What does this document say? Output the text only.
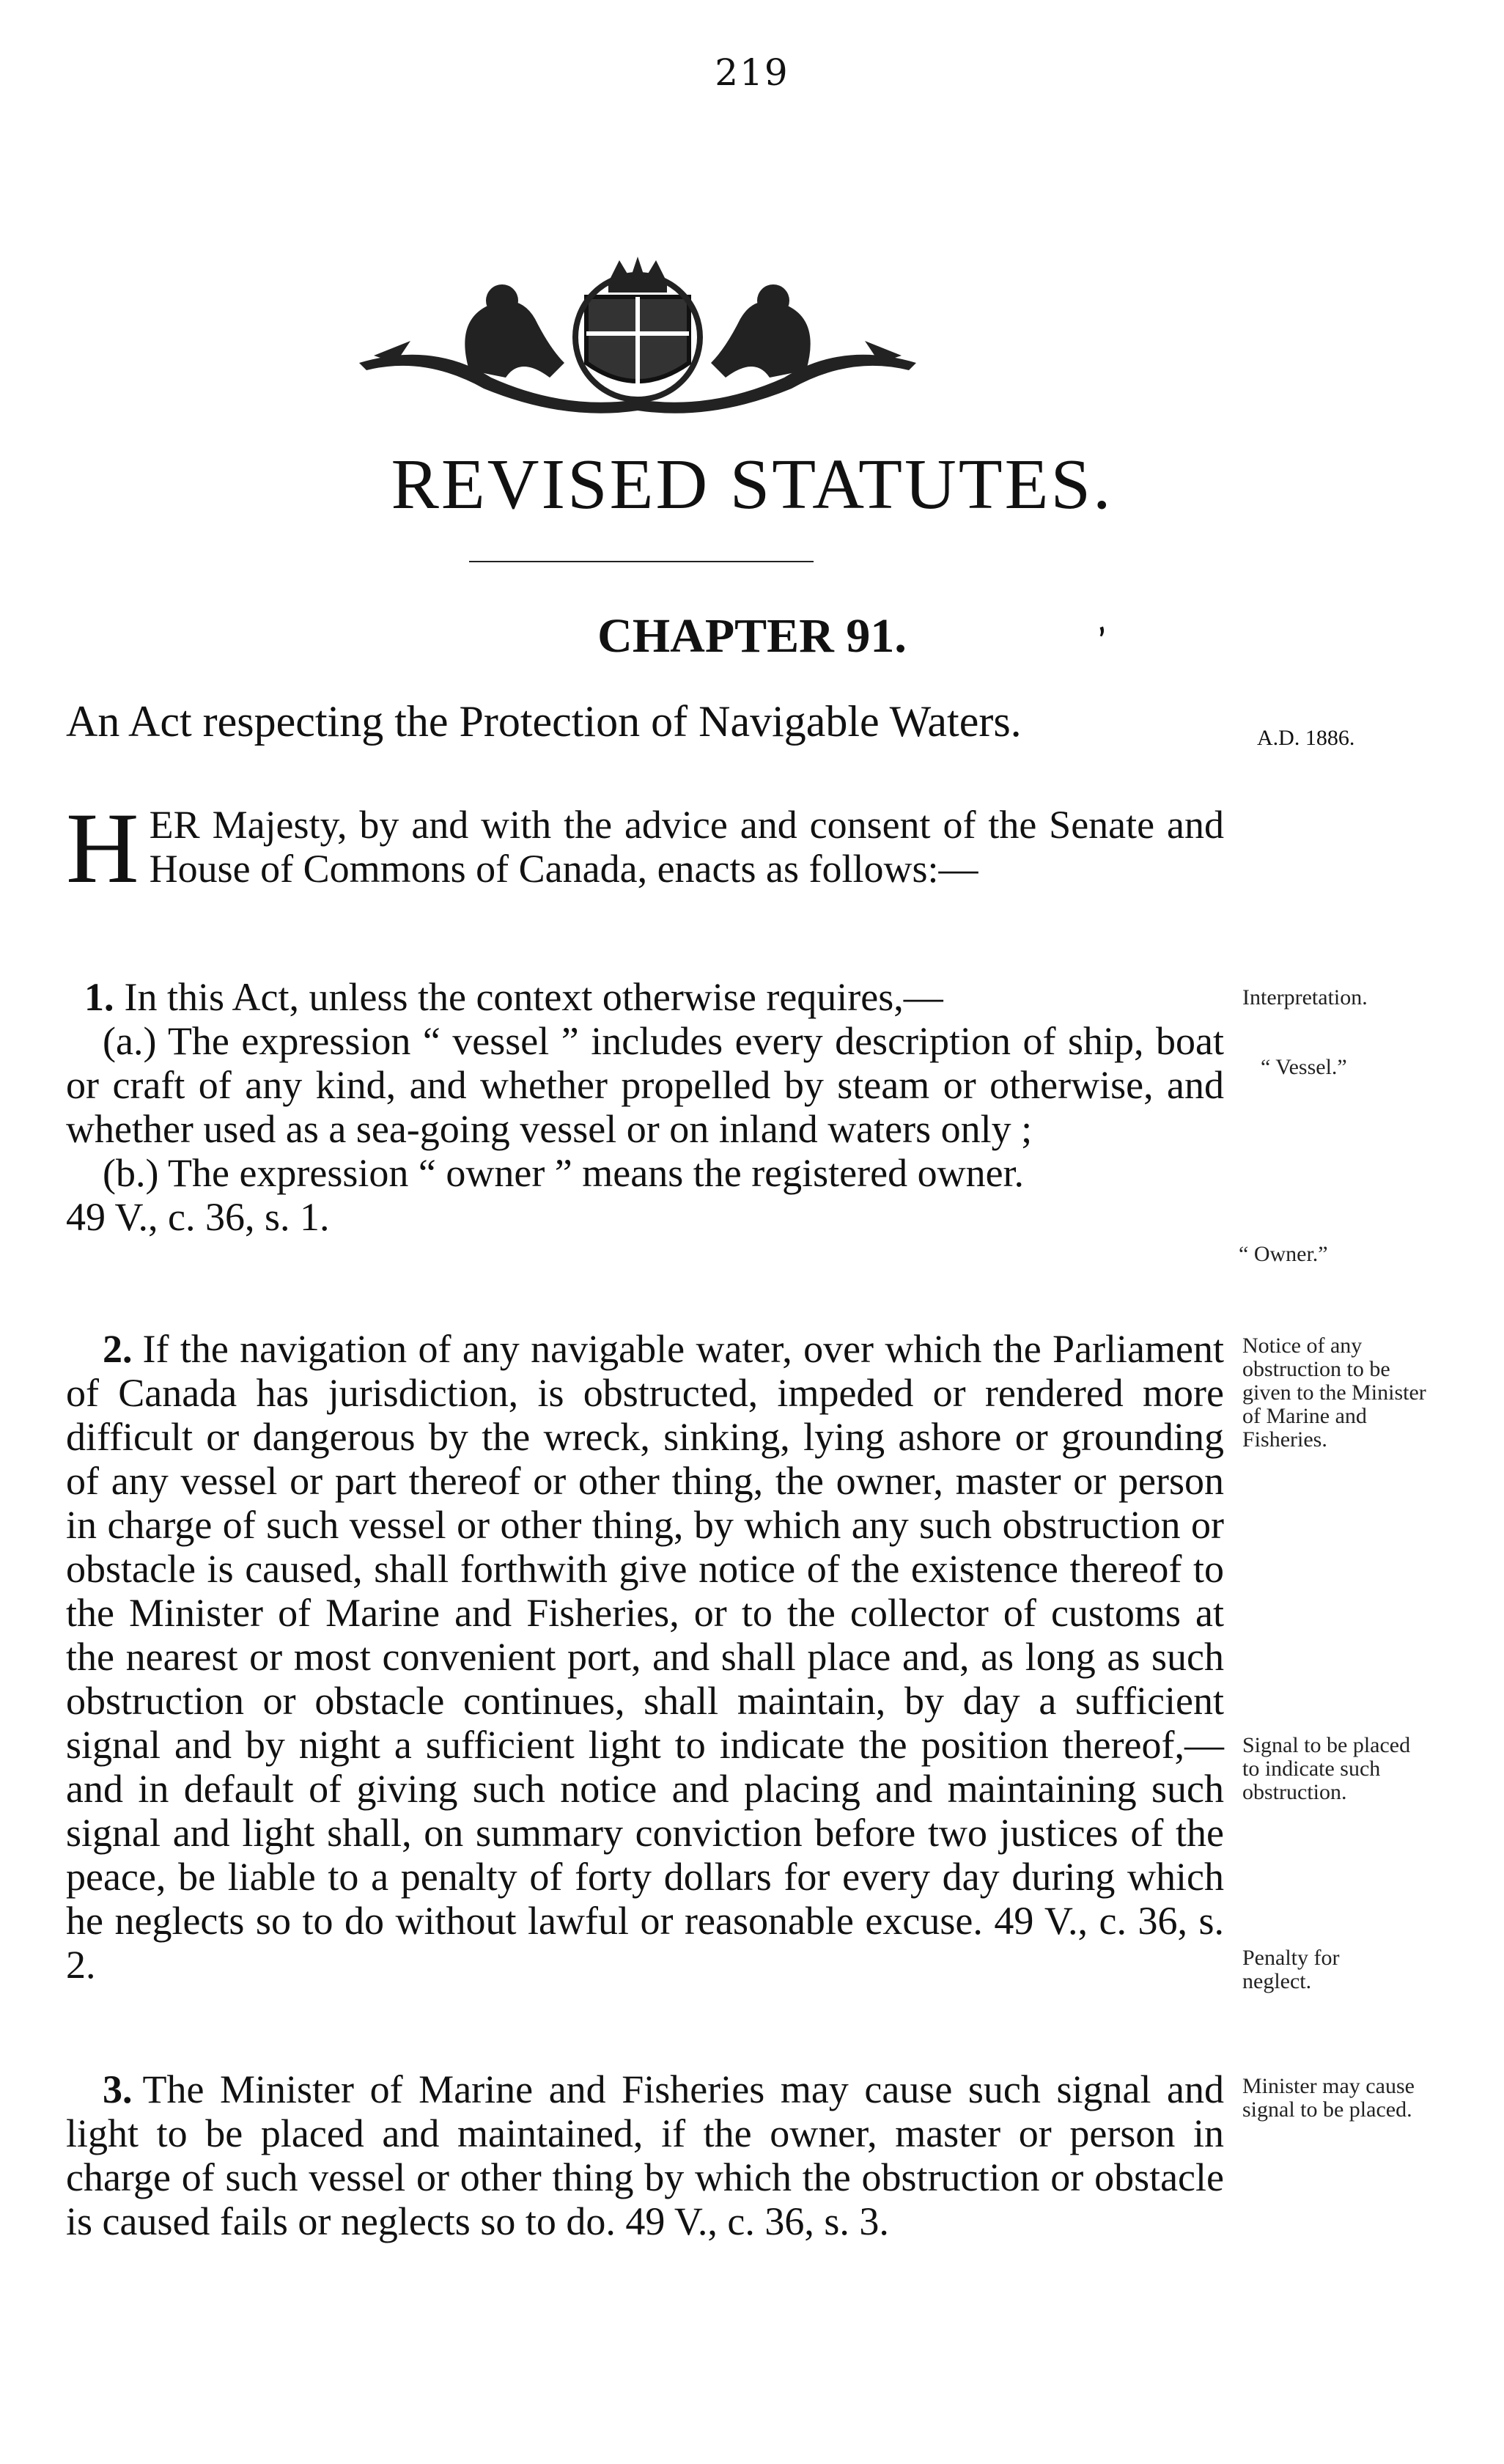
219
REVISED STATUTES.
CHAPTER 91.	’
An Act respecting the Protection of Navigable Waters.	A.D. 1886.
H ER Majesty, by and with the advice and consent of the Senate and House of Commons of Canada, enacts as follows:—
1. In this Act, unless the context otherwise requires,—
(a.) The expression “ vessel ” includes every description of ship, boat or craft of any kind, and whether propelled by steam or otherwise, and whether used as a sea-going vessel or on inland waters only ;
(b.) The expression “ owner ” means the registered owner.
49 V., c. 36, s. 1.
2. If the navigation of any navigable water, over which the Parliament of Canada has jurisdiction, is obstructed, impeded or rendered more difficult or dangerous by the wreck, sinking, lying ashore or grounding of any vessel or part thereof or other thing, the owner, master or person in charge of such vessel or other thing, by which any such obstruction or obstacle is caused, shall forthwith give notice of the existence thereof to the Minister of Marine and Fisheries, or to the collector of customs at the nearest or most convenient port, and shall place and, as long as such obstruction or obstacle continues, shall maintain, by day a sufficient signal and by night a sufficient light to indicate the position thereof,—and in default of giving such notice and placing and maintaining such signal and light shall, on summary conviction before two justices of the peace, be liable to a penalty of forty dollars for every day during which he neglects so to do without lawful or reasonable excuse. 49 V., c. 36, s. 2.
3. The Minister of Marine and Fisheries may cause such signal and light to be placed and maintained, if the owner, master or person in charge of such vessel or other thing by which the obstruction or obstacle is caused fails or neglects so to do. 49 V., c. 36, s. 3.
Interpretation.
“ Vessel.”
“ Owner.”
Notice of any obstruction to be given to the Minister of Marine and Fisheries.
Signal to be placed to indicate such obstruction.
Penalty for neglect.
Minister may cause signal to be placed.
